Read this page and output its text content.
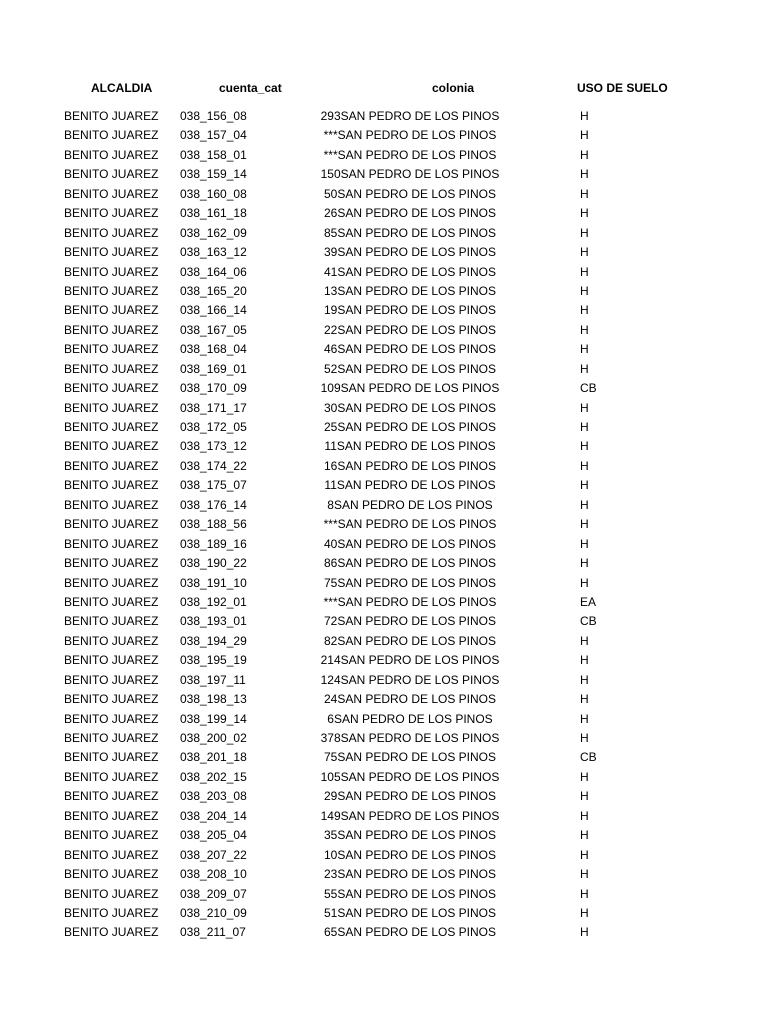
ALCALDIA	cuenta_cat	colonia	USO DE SUELO
BENITO JUAREZ 038_156_08	293SAN PEDRO DE LOS PINOS	H
BENITO JUAREZ 038_157_04	***SAN PEDRO DE LOS PINOS	H
BENITO JUAREZ 038_158_01	***SAN PEDRO DE LOS PINOS	H
BENITO JUAREZ 038_159_14	150SAN PEDRO DE LOS PINOS	H
BENITO JUAREZ 038_160_08	50SAN PEDRO DE LOS PINOS	H
BENITO JUAREZ 038_161_18	26SAN PEDRO DE LOS PINOS	H
BENITO JUAREZ 038_162_09	85SAN PEDRO DE LOS PINOS	H
BENITO JUAREZ 038_163_12	39SAN PEDRO DE LOS PINOS	H
BENITO JUAREZ 038_164_06	41SAN PEDRO DE LOS PINOS	H
BENITO JUAREZ 038_165_20	13SAN PEDRO DE LOS PINOS	H
BENITO JUAREZ 038_166_14	19SAN PEDRO DE LOS PINOS	H
BENITO JUAREZ 038_167_05	22SAN PEDRO DE LOS PINOS	H
BENITO JUAREZ 038_168_04	46SAN PEDRO DE LOS PINOS	H
BENITO JUAREZ 038_169_01	52SAN PEDRO DE LOS PINOS	H
BENITO JUAREZ 038_170_09	109SAN PEDRO DE LOS PINOS	CB
BENITO JUAREZ 038_171_17	30SAN PEDRO DE LOS PINOS	H
BENITO JUAREZ 038_172_05	25SAN PEDRO DE LOS PINOS	H
BENITO JUAREZ 038_173_12	11SAN PEDRO DE LOS PINOS	H
BENITO JUAREZ 038_174_22	16SAN PEDRO DE LOS PINOS	H
BENITO JUAREZ 038_175_07	11SAN PEDRO DE LOS PINOS	H
BENITO JUAREZ 038_176_14	8SAN PEDRO DE LOS PINOS	H
BENITO JUAREZ 038_188_56	***SAN PEDRO DE LOS PINOS	H
BENITO JUAREZ 038_189_16	40SAN PEDRO DE LOS PINOS	H
BENITO JUAREZ 038_190_22	86SAN PEDRO DE LOS PINOS	H
BENITO JUAREZ 038_191_10	75SAN PEDRO DE LOS PINOS	H
BENITO JUAREZ 038_192_01	***SAN PEDRO DE LOS PINOS	EA
BENITO JUAREZ 038_193_01	72SAN PEDRO DE LOS PINOS	CB
BENITO JUAREZ 038_194_29	82SAN PEDRO DE LOS PINOS	H
BENITO JUAREZ 038_195_19	214SAN PEDRO DE LOS PINOS	H
BENITO JUAREZ 038_197_11	124SAN PEDRO DE LOS PINOS	H
BENITO JUAREZ 038_198_13	24SAN PEDRO DE LOS PINOS	H
BENITO JUAREZ 038_199_14	6SAN PEDRO DE LOS PINOS	H
BENITO JUAREZ 038_200_02	378SAN PEDRO DE LOS PINOS	H
BENITO JUAREZ 038_201_18	75SAN PEDRO DE LOS PINOS	CB
BENITO JUAREZ 038_202_15	105SAN PEDRO DE LOS PINOS	H
BENITO JUAREZ 038_203_08	29SAN PEDRO DE LOS PINOS	H
BENITO JUAREZ 038_204_14	149SAN PEDRO DE LOS PINOS	H
BENITO JUAREZ 038_205_04	35SAN PEDRO DE LOS PINOS	H
BENITO JUAREZ 038_207_22	10SAN PEDRO DE LOS PINOS	H
BENITO JUAREZ 038_208_10	23SAN PEDRO DE LOS PINOS	H
BENITO JUAREZ 038_209_07	55SAN PEDRO DE LOS PINOS	H
BENITO JUAREZ 038_210_09	51SAN PEDRO DE LOS PINOS	H
BENITO JUAREZ 038_211_07	65SAN PEDRO DE LOS PINOS	H
